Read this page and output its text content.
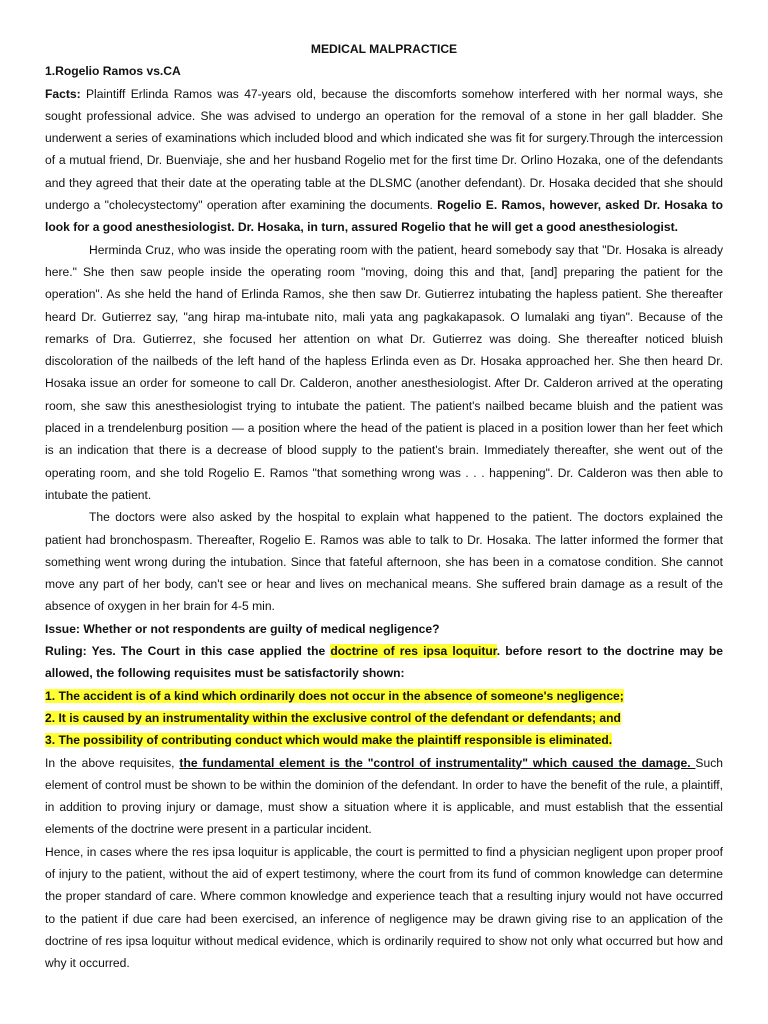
MEDICAL MALPRACTICE

1.Rogelio Ramos vs.CA

Facts: Plaintiff Erlinda Ramos was 47-years old, because the discomforts somehow interfered with her normal ways, she sought professional advice. She was advised to undergo an operation for the removal of a stone in her gall bladder. She underwent a series of examinations which included blood and which indicated she was fit for surgery.Through the intercession of a mutual friend, Dr. Buenviaje, she and her husband Rogelio met for the first time Dr. Orlino Hozaka, one of the defendants and they agreed that their date at the operating table at the DLSMC (another defendant). Dr. Hosaka decided that she should undergo a "cholecystectomy" operation after examining the documents. Rogelio E. Ramos, however, asked Dr. Hosaka to look for a good anesthesiologist. Dr. Hosaka, in turn, assured Rogelio that he will get a good anesthesiologist.

Herminda Cruz, who was inside the operating room with the patient, heard somebody say that "Dr. Hosaka is already here." She then saw people inside the operating room "moving, doing this and that, [and] preparing the patient for the operation". As she held the hand of Erlinda Ramos, she then saw Dr. Gutierrez intubating the hapless patient. She thereafter heard Dr. Gutierrez say, "ang hirap ma-intubate nito, mali yata ang pagkakapasok. O lumalaki ang tiyan". Because of the remarks of Dra. Gutierrez, she focused her attention on what Dr. Gutierrez was doing. She thereafter noticed bluish discoloration of the nailbeds of the left hand of the hapless Erlinda even as Dr. Hosaka approached her. She then heard Dr. Hosaka issue an order for someone to call Dr. Calderon, another anesthesiologist. After Dr. Calderon arrived at the operating room, she saw this anesthesiologist trying to intubate the patient. The patient's nailbed became bluish and the patient was placed in a trendelenburg position — a position where the head of the patient is placed in a position lower than her feet which is an indication that there is a decrease of blood supply to the patient's brain. Immediately thereafter, she went out of the operating room, and she told Rogelio E. Ramos "that something wrong was . . . happening". Dr. Calderon was then able to intubate the patient.

The doctors were also asked by the hospital to explain what happened to the patient. The doctors explained the patient had bronchospasm. Thereafter, Rogelio E. Ramos was able to talk to Dr. Hosaka. The latter informed the former that something went wrong during the intubation. Since that fateful afternoon, she has been in a comatose condition. She cannot move any part of her body, can't see or hear and lives on mechanical means. She suffered brain damage as a result of the absence of oxygen in her brain for 4-5 min.

Issue: Whether or not respondents are guilty of medical negligence?

Ruling: Yes. The Court in this case applied the doctrine of res ipsa loquitur. before resort to the doctrine may be allowed, the following requisites must be satisfactorily shown:

1. The accident is of a kind which ordinarily does not occur in the absence of someone's negligence;

2. It is caused by an instrumentality within the exclusive control of the defendant or defendants; and

3. The possibility of contributing conduct which would make the plaintiff responsible is eliminated.

In the above requisites, the fundamental element is the "control of instrumentality" which caused the damage. Such element of control must be shown to be within the dominion of the defendant. In order to have the benefit of the rule, a plaintiff, in addition to proving injury or damage, must show a situation where it is applicable, and must establish that the essential elements of the doctrine were present in a particular incident.

Hence, in cases where the res ipsa loquitur is applicable, the court is permitted to find a physician negligent upon proper proof of injury to the patient, without the aid of expert testimony, where the court from its fund of common knowledge can determine the proper standard of care. Where common knowledge and experience teach that a resulting injury would not have occurred to the patient if due care had been exercised, an inference of negligence may be drawn giving rise to an application of the doctrine of res ipsa loquitur without medical evidence, which is ordinarily required to show not only what occurred but how and why it occurred.
